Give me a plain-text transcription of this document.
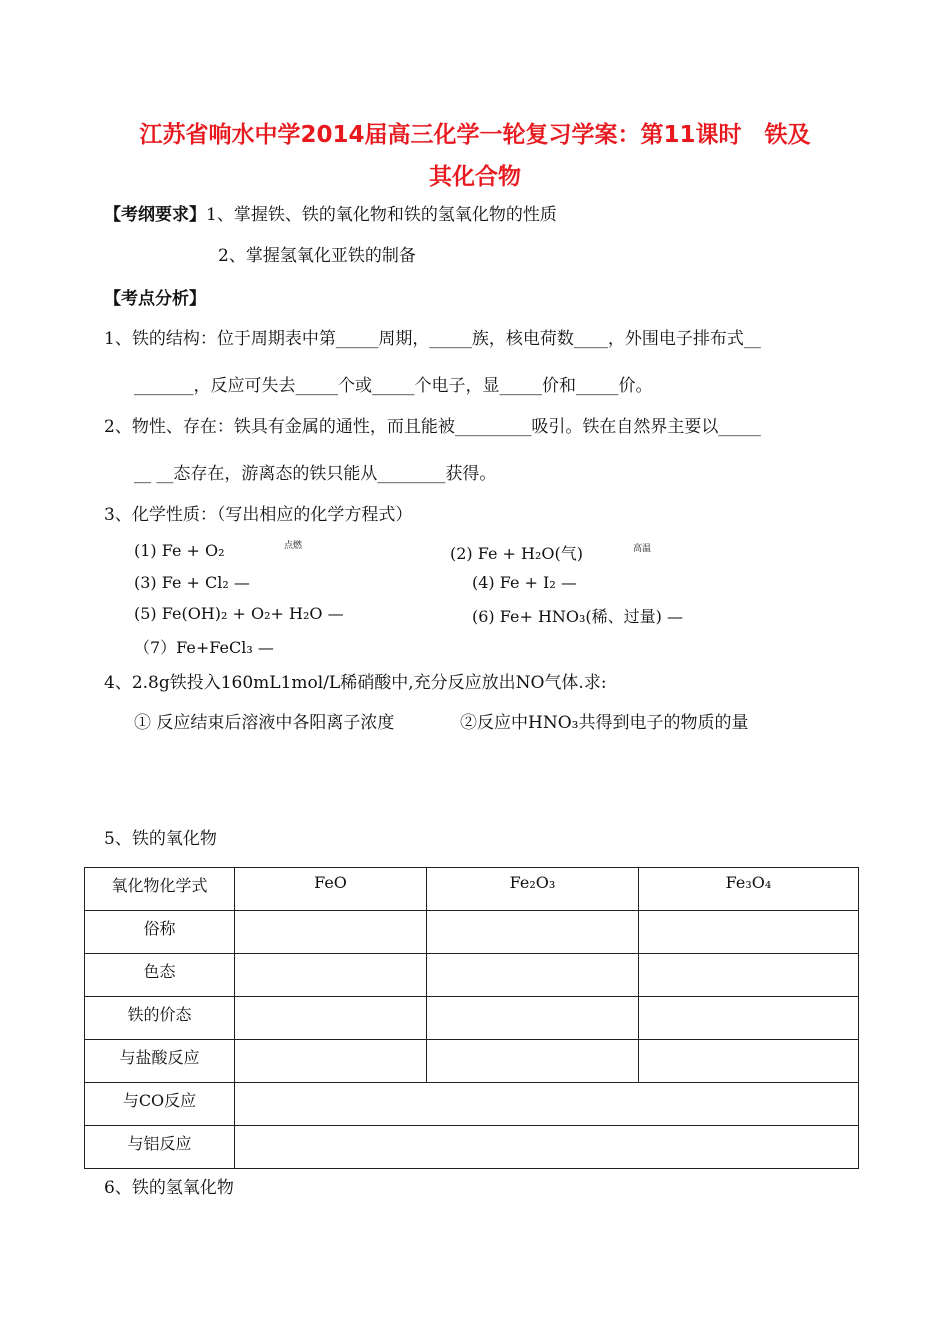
江苏省响水中学2014届高三化学一轮复习学案：第11课时　铁及
其化合物
【考纲要求】 1、掌握铁、铁的氧化物和铁的氢氧化物的性质
2、掌握氢氧化亚铁的制备
【考点分析】
1、铁的结构：位于周期表中第_____周期，_____族，核电荷数____，外围电子排布式__
_______，反应可失去_____个或_____个电子，显_____价和_____价。
2、物性、存在：铁具有金属的通性，而且能被_________吸引。铁在自然界主要以_____
__ __态存在，游离态的铁只能从________获得。
3、化学性质：（写出相应的化学方程式）
(1) Fe + O₂	点燃	(2) Fe + H₂O(气)	高温
(3) Fe + Cl₂ —	(4) Fe + I₂ —
(5) Fe(OH)₂ + O₂+ H₂O —	(6) Fe+ HNO₃(稀、过量) —
（7）Fe+FeCl₃ —
4、2.8g铁投入160mL1mol/L稀硝酸中,充分反应放出NO气体.求:
① 反应结束后溶液中各阳离子浓度	②反应中HNO₃共得到电子的物质的量
5、铁的氧化物
氧化物化学式	FeO	Fe₂O₃	Fe₃O₄
俗称			
色态			
铁的价态			
与盐酸反应			
与CO反应			
与铝反应			
6、铁的氢氧化物
